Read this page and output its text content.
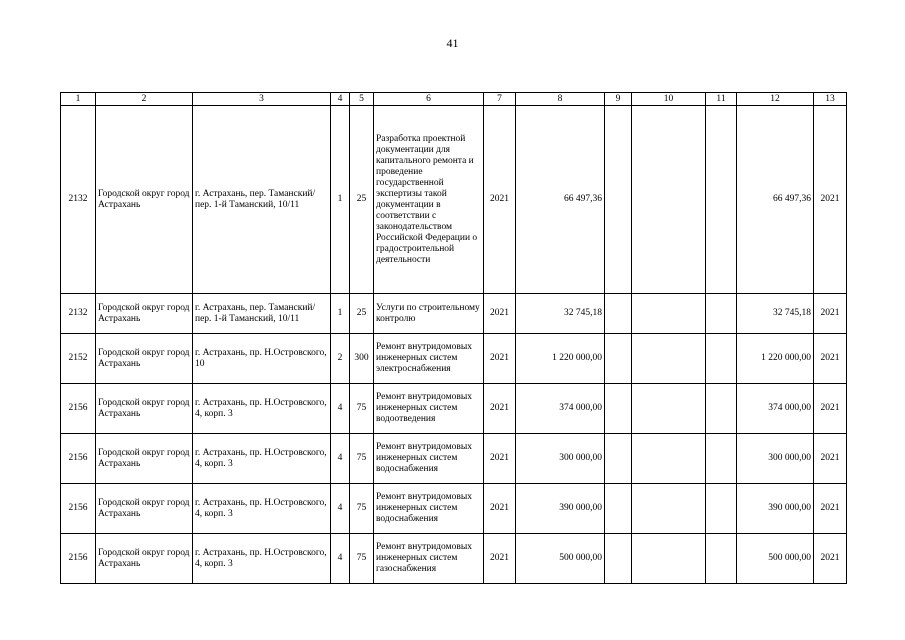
41
1	2	3	4	5	6	7	8	9	10	11	12	13
2132	Городской округ город Астрахань	г. Астрахань, пер. Таманский/пер. 1-й Таманский, 10/11	1	25	Разработка проектной документации для капитального ремонта и проведение государственной экспертизы такой документации в соответствии с законодательством Российской Федерации о градостроительной деятельности	2021	66 497,36				66 497,36	2021
2132	Городской округ город Астрахань	г. Астрахань, пер. Таманский/пер. 1-й Таманский, 10/11	1	25	Услуги по строительному контролю	2021	32 745,18				32 745,18	2021
2152	Городской округ город Астрахань	г. Астрахань, пр. Н.Островского, 10	2	300	Ремонт внутридомовых инженерных систем электроснабжения	2021	1 220 000,00				1 220 000,00	2021
2156	Городской округ город Астрахань	г. Астрахань, пр. Н.Островского, 4, корп. 3	4	75	Ремонт внутридомовых инженерных систем водоотведения	2021	374 000,00				374 000,00	2021
2156	Городской округ город Астрахань	г. Астрахань, пр. Н.Островского, 4, корп. 3	4	75	Ремонт внутридомовых инженерных систем водоснабжения	2021	300 000,00				300 000,00	2021
2156	Городской округ город Астрахань	г. Астрахань, пр. Н.Островского, 4, корп. 3	4	75	Ремонт внутридомовых инженерных систем водоснабжения	2021	390 000,00				390 000,00	2021
2156	Городской округ город Астрахань	г. Астрахань, пр. Н.Островского, 4, корп. 3	4	75	Ремонт внутридомовых инженерных систем газоснабжения	2021	500 000,00				500 000,00	2021
